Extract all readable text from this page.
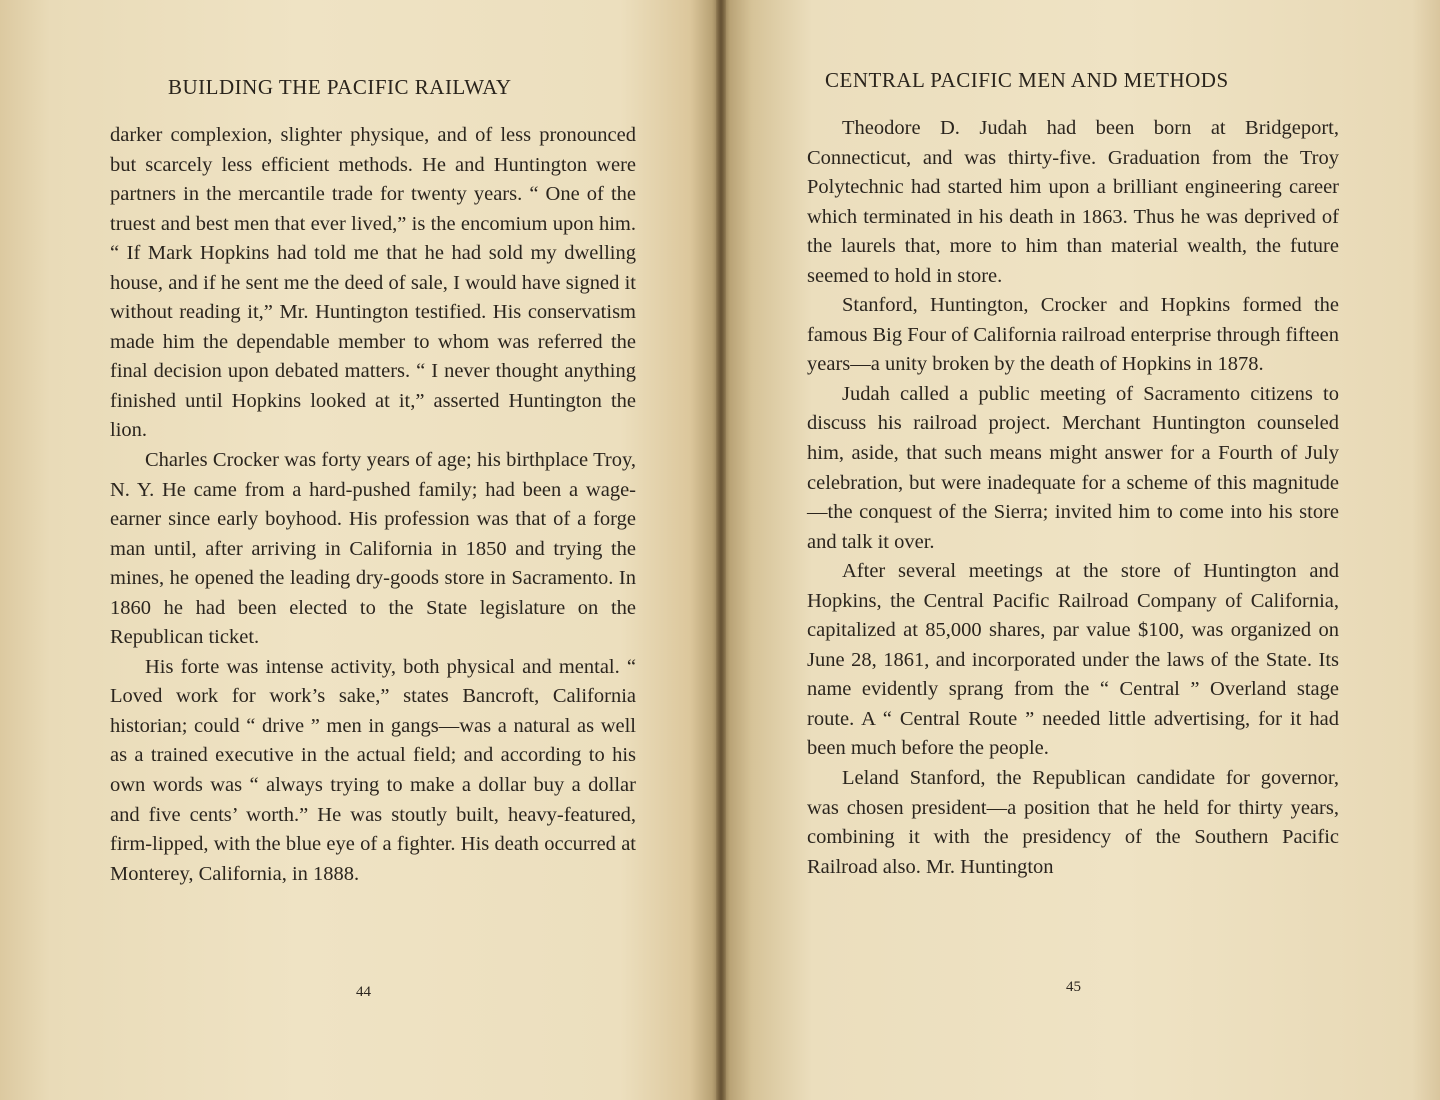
BUILDING THE PACIFIC RAILWAY

darker complexion, slighter physique, and of less pronounced but scarcely less efficient methods. He and Huntington were partners in the mercantile trade for twenty years. “ One of the truest and best men that ever lived,” is the encomium upon him. “ If Mark Hopkins had told me that he had sold my dwelling house, and if he sent me the deed of sale, I would have signed it without reading it,” Mr. Huntington testified. His conservatism made him the dependable member to whom was referred the final decision upon debated matters. “ I never thought anything finished until Hopkins looked at it,” asserted Huntington the lion.

Charles Crocker was forty years of age; his birthplace Troy, N. Y. He came from a hard-pushed family; had been a wage-earner since early boyhood. His profession was that of a forge man until, after arriving in California in 1850 and trying the mines, he opened the leading dry-goods store in Sacramento. In 1860 he had been elected to the State legislature on the Republican ticket.

His forte was intense activity, both physical and mental. “ Loved work for work’s sake,” states Bancroft, California historian; could “ drive ” men in gangs—was a natural as well as a trained executive in the actual field; and according to his own words was “ always trying to make a dollar buy a dollar and five cents’ worth.” He was stoutly built, heavy-featured, firm-lipped, with the blue eye of a fighter. His death occurred at Monterey, California, in 1888.

44
CENTRAL PACIFIC MEN AND METHODS

Theodore D. Judah had been born at Bridgeport, Connecticut, and was thirty-five. Graduation from the Troy Polytechnic had started him upon a brilliant engineering career which terminated in his death in 1863. Thus he was deprived of the laurels that, more to him than material wealth, the future seemed to hold in store.

Stanford, Huntington, Crocker and Hopkins formed the famous Big Four of California railroad enterprise through fifteen years—a unity broken by the death of Hopkins in 1878.

Judah called a public meeting of Sacramento citizens to discuss his railroad project. Merchant Huntington counseled him, aside, that such means might answer for a Fourth of July celebration, but were inadequate for a scheme of this magnitude—the conquest of the Sierra; invited him to come into his store and talk it over.

After several meetings at the store of Huntington and Hopkins, the Central Pacific Railroad Company of California, capitalized at 85,000 shares, par value $100, was organized on June 28, 1861, and incorporated under the laws of the State. Its name evidently sprang from the “ Central ” Overland stage route. A “ Central Route ” needed little advertising, for it had been much before the people.

Leland Stanford, the Republican candidate for governor, was chosen president—a position that he held for thirty years, combining it with the presidency of the Southern Pacific Railroad also. Mr. Huntington

45
